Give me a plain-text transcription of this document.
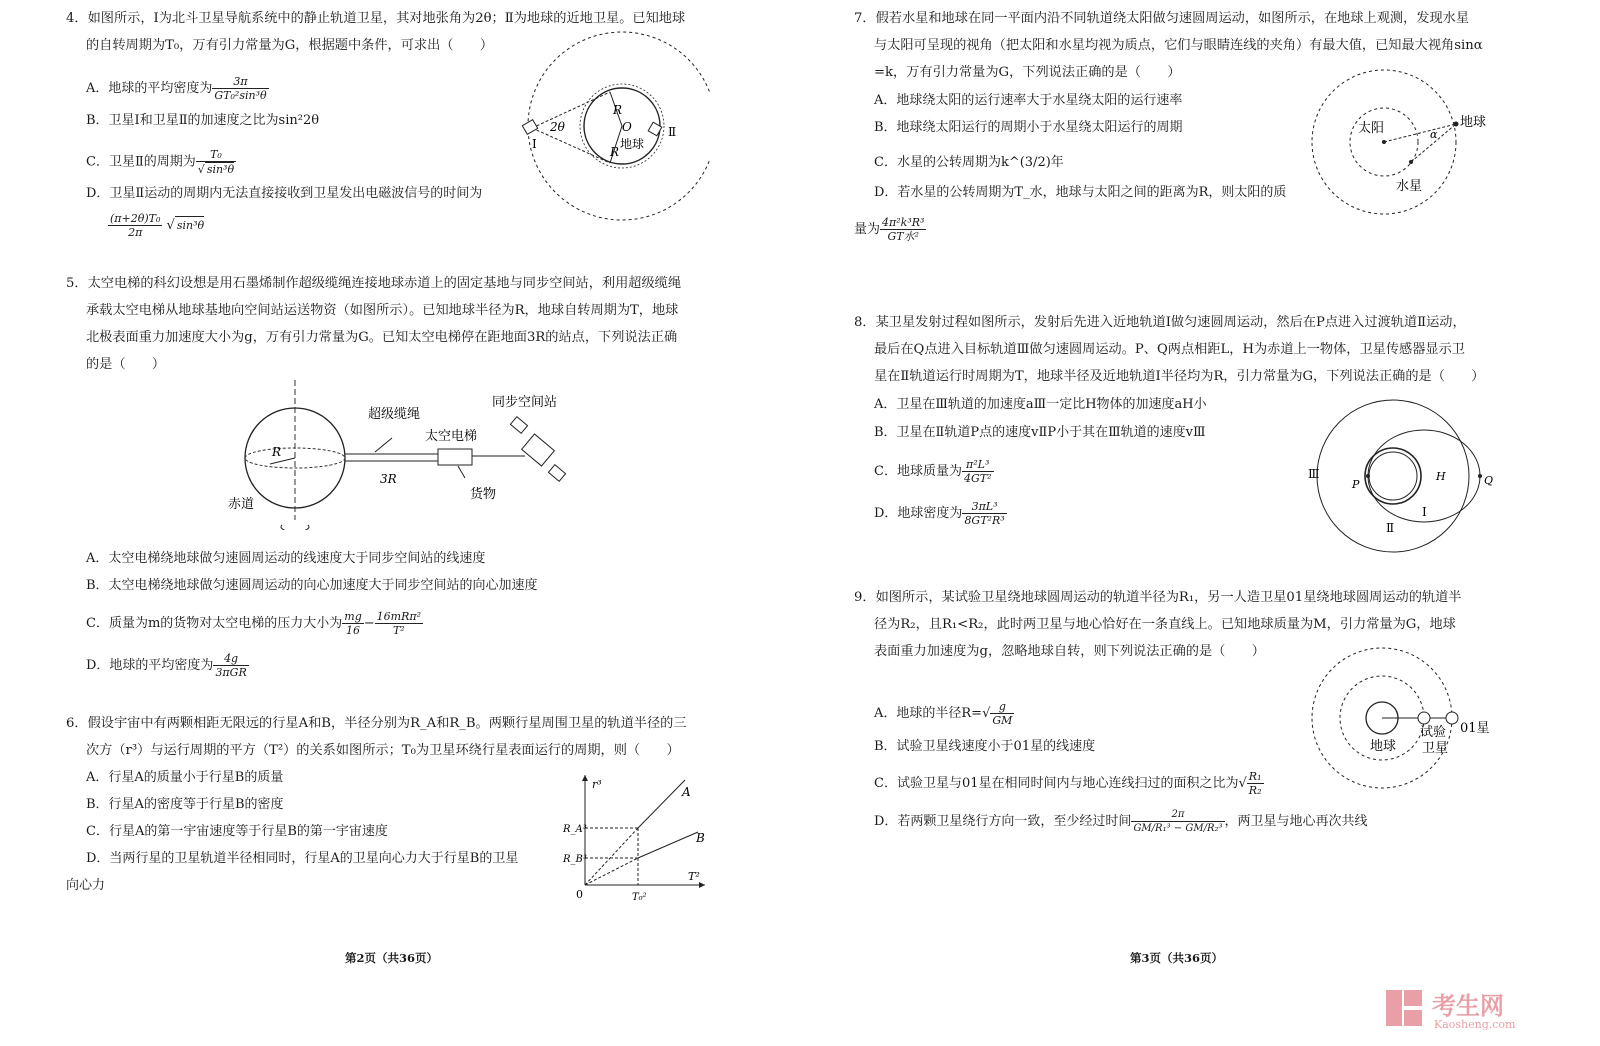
4．如图所示，Ⅰ为北斗卫星导航系统中的静止轨道卫星，其对地张角为2θ；Ⅱ为地球的近地卫星。已知地球
的自转周期为T₀，万有引力常量为G，根据题中条件，可求出（　　）
A．地球的平均密度为 $\frac{3\pi}{\text{GT₀²sin³θ}}$
B．卫星Ⅰ和卫星Ⅱ的加速度之比为sin²2θ
C．卫星Ⅱ的周期为 $\frac{\text{T₀}}{\text{√ sin³θ}}$
D．卫星Ⅱ运动的周期内无法直接接收到卫星发出电磁波信号的时间为
$\frac{\text{(π+2θ)T₀}}{2\pi}$ √ sin³θ
2θ
R
R
O
地球
Ⅰ
Ⅱ
5．太空电梯的科幻设想是用石墨烯制作超级缆绳连接地球赤道上的固定基地与同步空间站，利用超级缆绳
承载太空电梯从地球基地向空间站运送物资（如图所示）。已知地球半径为R，地球自转周期为T，地球
北极表面重力加速度大小为g，万有引力常量为G。已知太空电梯停在距地面3R的站点，下列说法正确
的是（　　）
超级缆绳
同步空间站
太空电梯
货物
赤道
R
3R
A．太空电梯绕地球做匀速圆周运动的线速度大于同步空间站的线速度
B．太空电梯绕地球做匀速圆周运动的向心加速度大于同步空间站的向心加速度
C．质量为m的货物对太空电梯的压力大小为 $\frac{mg}{16} - \frac{\text{16mRπ²}}{\text{T²}}$
D．地球的平均密度为 $\frac{4g}{\text{3πGR}}$
6．假设宇宙中有两颗相距无限远的行星A和B，半径分别为R_A和R_B。两颗行星周围卫星的轨道半径的三
次方（r³）与运行周期的平方（T²）的关系如图所示；T₀为卫星环绕行星表面运行的周期，则（　　）
A．行星A的质量小于行星B的质量
B．行星A的密度等于行星B的密度
C．行星A的第一宇宙速度等于行星B的第一宇宙速度
D．当两行星的卫星轨道半径相同时，行星A的卫星向心力大于行星B的卫星
向心力
r³
T²
R_A³
R_B³
T₀²
0
A
B
第2页（共36页）
7．假若水星和地球在同一平面内沿不同轨道绕太阳做匀速圆周运动，如图所示，在地球上观测，发现水星
与太阳可呈现的视角（把太阳和水星均视为质点，它们与眼睛连线的夹角）有最大值，已知最大视角sinα
=k，万有引力常量为G，下列说法正确的是（　　）
A．地球绕太阳的运行速率大于水星绕太阳的运行速率
B．地球绕太阳运行的周期小于水星绕太阳运行的周期
C．水星的公转周期为k^(3/2)年
D．若水星的公转周期为T_水，地球与太阳之间的距离为R，则太阳的质
量为 $\frac{\text{4π²k³R³}}{\text{GT水²}}$
太阳	地球
水星
α
8．某卫星发射过程如图所示，发射后先进入近地轨道Ⅰ做匀速圆周运动，然后在P点进入过渡轨道Ⅱ运动，
最后在Q点进入目标轨道Ⅲ做匀速圆周运动。P、Q两点相距L，H为赤道上一物体，卫星传感器显示卫
星在Ⅱ轨道运行时周期为T，地球半径及近地轨道Ⅰ半径均为R，引力常量为G，下列说法正确的是（　　）
A．卫星在Ⅲ轨道的加速度aⅢ一定比H物体的加速度aH小
B．卫星在Ⅱ轨道P点的速度vⅡP小于其在Ⅲ轨道的速度vⅢ
C．地球质量为 $\frac{\text{π²L³}}{\text{4GT²}}$
D．地球密度为 $\frac{\text{3πL³}}{\text{8GT²R³}}$
Ⅲ
Ⅱ
Ⅰ
P	Q
H
9．如图所示，某试验卫星绕地球圆周运动的轨道半径为R₁，另一人造卫星01星绕地球圆周运动的轨道半
径为R₂，且R₁<R₂，此时两卫星与地心恰好在一条直线上。已知地球质量为M，引力常量为G，地球
表面重力加速度为g，忽略地球自转，则下列说法正确的是（　　）
A．地球的半径$R=√ \frac{g}{GM}$
B．试验卫星线速度小于01星的线速度
C．试验卫星与01星在相同时间内与地心连线扫过的面积之比为√ $\frac{\text{R₁}}{\text{R₂}}$
D．若两颗卫星绕行方向一致，至少经过时间 $\frac{2\pi}{\text{GM/R₁³ − GM/R₂³}}$ ，两卫星与地心再次共线
地球
试验
卫星
01星
第3页（共36页）
考生网
Kaosheng.com
